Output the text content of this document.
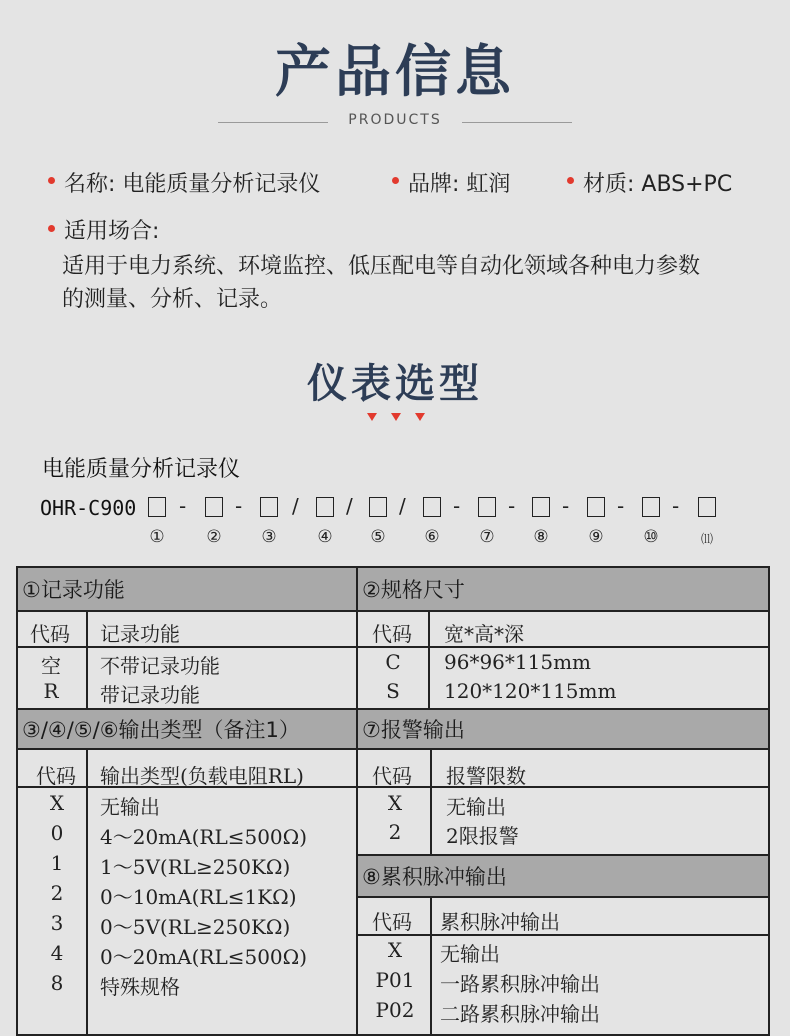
产品信息
PRODUCTS
名称: 电能质量分析记录仪	品牌: 虹润	材质: ABS+PC
适用场合:
适用于电力系统、环境监控、低压配电等自动化领域各种电力参数
的测量、分析、记录。
仪表选型
电能质量分析记录仪
OHR-C900 - - / / / - - - - -
①	②	③	④	⑤	⑥	⑦	⑧	⑨	⑩	⑾
①记录功能	②规格尺寸
代码 记录功能
空	不带记录功能
R	带记录功能
代码 宽*高*深
C	96*96*115mm
S	120*120*115mm
③/④/⑤/⑥输出类型（备注1）	⑦报警输出
代码 输出类型(负载电阻RL)
X	无输出
0	4～20mA(RL≤500Ω)
1	1～5V(RL≥250KΩ)
2	0～10mA(RL≤1KΩ)
3	0～5V(RL≥250KΩ)
4	0～20mA(RL≤500Ω)
8	特殊规格
代码 报警限数
X	无输出
2	2限报警
⑧累积脉冲输出
代码 累积脉冲输出
X	无输出
P01 一路累积脉冲输出
P02 二路累积脉冲输出
